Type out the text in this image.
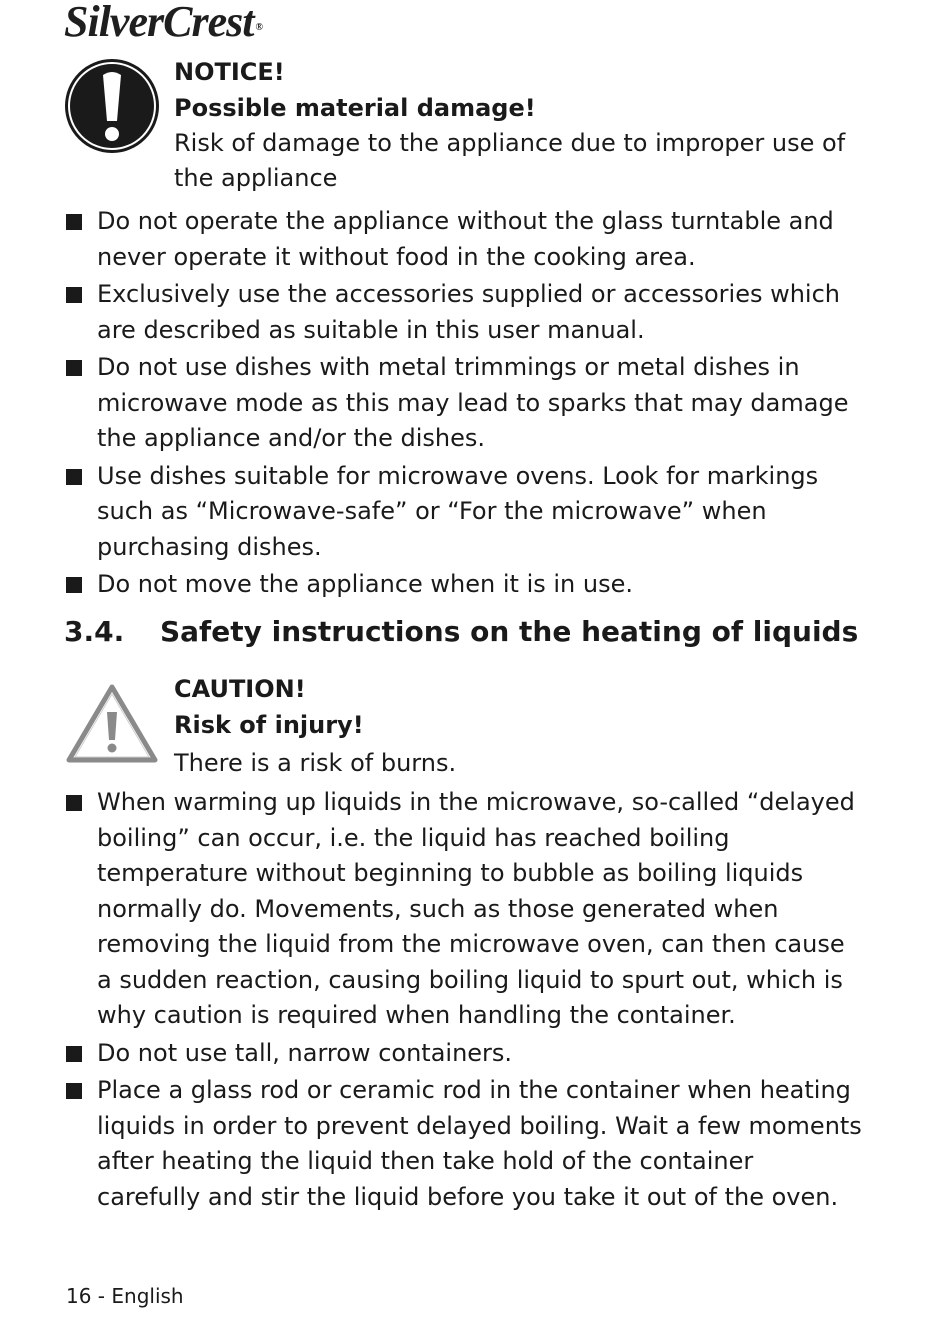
SilverCrest ®

NOTICE!

Possible material damage!

Risk of damage to the appliance due to improper use of the appliance

Do not operate the appliance without the glass turntable and never operate it without food in the cooking area.
Exclusively use the accessories supplied or accessories which are described as suitable in this user manual.
Do not use dishes with metal trimmings or metal dishes in microwave mode as this may lead to sparks that may damage the appliance and/or the dishes.
Use dishes suitable for microwave ovens. Look for markings such as “Microwave-safe” or “For the microwave” when purchasing dishes.
Do not move the appliance when it is in use.
3.4. Safety instructions on the heating of liquids

CAUTION!

Risk of injury!

There is a risk of burns.

When warming up liquids in the microwave, so-called “delayed boiling” can occur, i.e. the liquid has reached boiling temperature without beginning to bubble as boiling liquids normally do. Movements, such as those generated when removing the liquid from the microwave oven, can then cause a sudden reaction, causing boiling liquid to spurt out, which is why caution is required when handling the container.
Do not use tall, narrow containers.
Place a glass rod or ceramic rod in the container when heating liquids in order to prevent delayed boiling. Wait a few moments after heating the liquid then take hold of the container carefully and stir the liquid before you take it out of the oven.
16 - English
